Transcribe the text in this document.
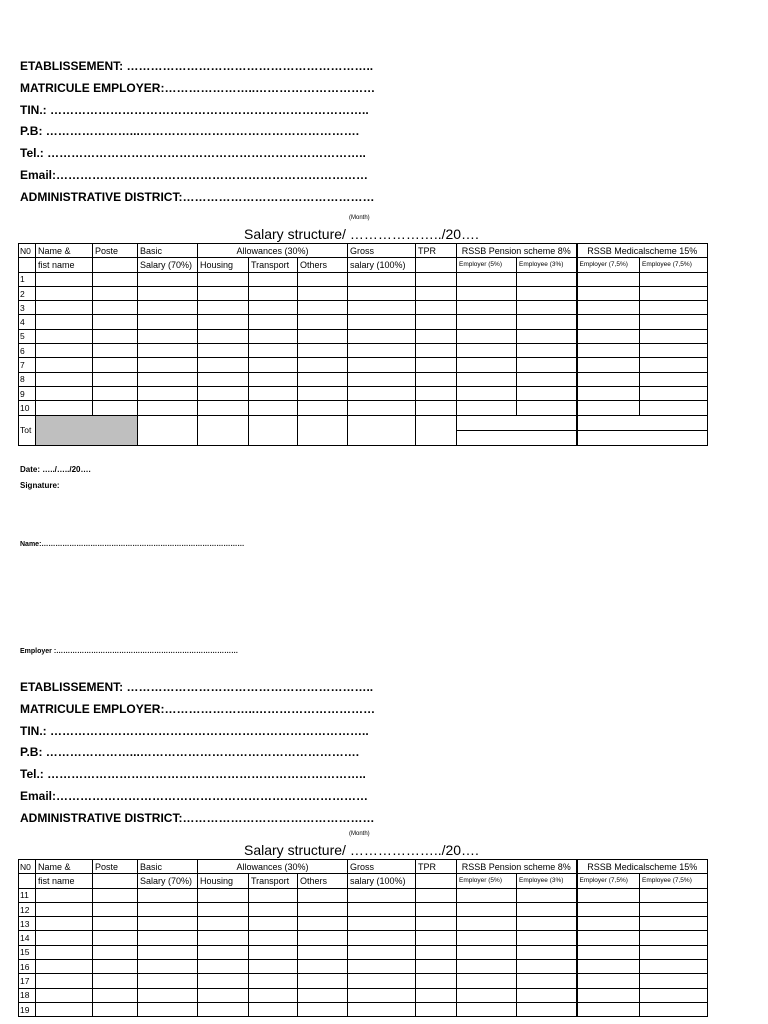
ETABLISSEMENT: ……………………………………………………..
MATRICULE EMPLOYER:…………………..…………………………
TIN.: ……………………………………………………………………..
P.B: …………………...……………………………………………….
Tel.: ……………………………………………………………………..
Email:……………………………………………………………………
ADMINISTRATIVE DISTRICT:…………………………………………
(Month)
Salary structure/ ………………../20….
N0	Name &	Poste	Basic	Allowances (30%)			Gross	TPR	RSSB Pension scheme 8%		RSSB Medicalscheme 15%	
	fist name		Salary (70%)	Housing	Transport	Others	salary (100%)		Employer (5%)	Employee (3%)	Employer (7,5%)	Employee (7,5%)
1												
2												
3												
4												
5												
6												
7												
8												
9												
10												
Tot											

Date: …../…../20….
Signature:
Name:……………………………………………………………………………
Employer :……………………………………………………………………
ETABLISSEMENT: ……………………………………………………..
MATRICULE EMPLOYER:…………………..…………………………
TIN.: ……………………………………………………………………..
P.B: …………………...……………………………………………….
Tel.: ……………………………………………………………………..
Email:……………………………………………………………………
ADMINISTRATIVE DISTRICT:…………………………………………
(Month)
Salary structure/ ………………../20….
N0	Name &	Poste	Basic	Allowances (30%)			Gross	TPR	RSSB Pension scheme 8%		RSSB Medicalscheme 15%	
	fist name		Salary (70%)	Housing	Transport	Others	salary (100%)		Employer (5%)	Employee (3%)	Employer (7,5%)	Employee (7,5%)
11												
12												
13												
14												
15												
16												
17												
18												
19												
